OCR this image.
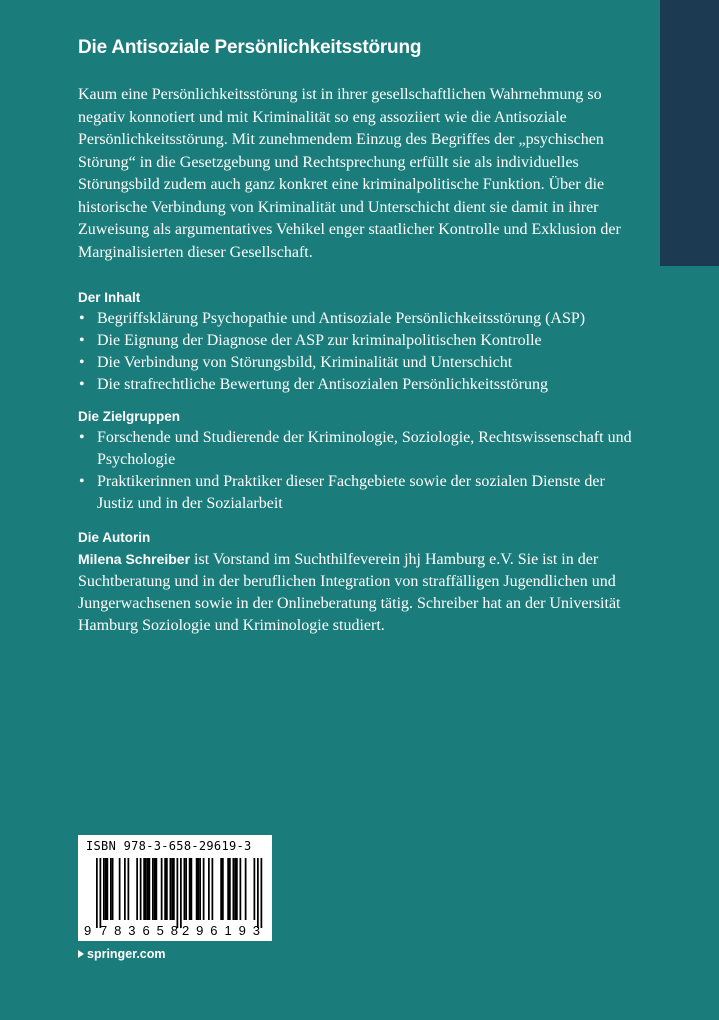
Die Antisoziale Persönlichkeitsstörung

Kaum eine Persönlichkeitsstörung ist in ihrer gesellschaftlichen Wahrnehmung so negativ konnotiert und mit Kriminalität so eng assoziiert wie die Antisoziale Persönlichkeitsstörung. Mit zunehmendem Einzug des Begriffes der „psychischen Störung“ in die Gesetzgebung und Rechtsprechung erfüllt sie als individuelles Störungsbild zudem auch ganz konkret eine kriminalpolitische Funktion. Über die historische Verbindung von Kriminalität und Unterschicht dient sie damit in ihrer Zuweisung als argumentatives Vehikel enger staatlicher Kontrolle und Exklusion der Marginalisierten dieser Gesellschaft.

Der Inhalt
• Begriffsklärung Psychopathie und Antisoziale Persönlichkeitsstörung (ASP)
• Die Eignung der Diagnose der ASP zur kriminalpolitischen Kontrolle
• Die Verbindung von Störungsbild, Kriminalität und Unterschicht
• Die strafrechtliche Bewertung der Antisozialen Persönlichkeitsstörung
Die Zielgruppen
• Forschende und Studierende der Kriminologie, Soziologie, Rechtswissenschaft und Psychologie
• Praktikerinnen und Praktiker dieser Fachgebiete sowie der sozialen Dienste der Justiz und in der Sozialarbeit
Die Autorin

Milena Schreiber ist Vorstand im Suchthilfeverein jhj Hamburg e.V. Sie ist in der Suchtberatung und in der beruflichen Integration von straffälligen Jugendlichen und Jungerwachsenen sowie in der Onlineberatung tätig. Schreiber hat an der Universität Hamburg Soziologie und Kriminologie studiert.

9 783658 296193
ISBN 978-3-658-29619-3
springer.com
